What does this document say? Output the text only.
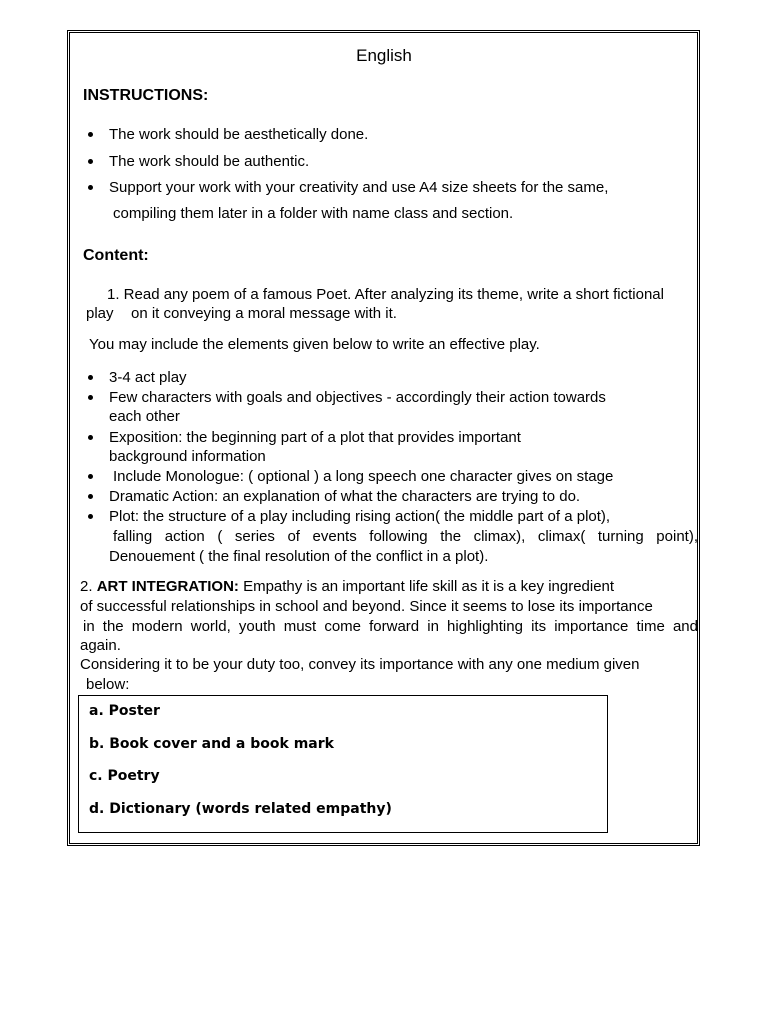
English
INSTRUCTIONS:
The work should be aesthetically done.
The work should be authentic.
Support your work with your creativity and use A4 size sheets for the same,
compiling them later in a folder with name class and section.
Content:
1. Read any poem of a famous Poet. After analyzing its theme, write a short fictional
play on it conveying a moral message with it.
You may include the elements given below to write an effective play.
3-4 act play
Few characters with goals and objectives - accordingly their action towards
each other
Exposition: the beginning part of a plot that provides important
background information
Include Monologue: ( optional ) a long speech one character gives on stage
Dramatic Action: an explanation of what the characters are trying to do.
Plot: the structure of a play including rising action( the middle part of a plot),
falling action ( series of events following the climax), climax( turning point),
Denouement ( the final resolution of the conflict in a plot).
2. ART INTEGRATION: Empathy is an important life skill as it is a key ingredient
of successful relationships in school and beyond. Since it seems to lose its importance
in the modern world, youth must come forward in highlighting its importance time and
again.
Considering it to be your duty too, convey its importance with any one medium given
below:
a. Poster
b. Book cover and a book mark
c. Poetry
d. Dictionary (words related empathy)
